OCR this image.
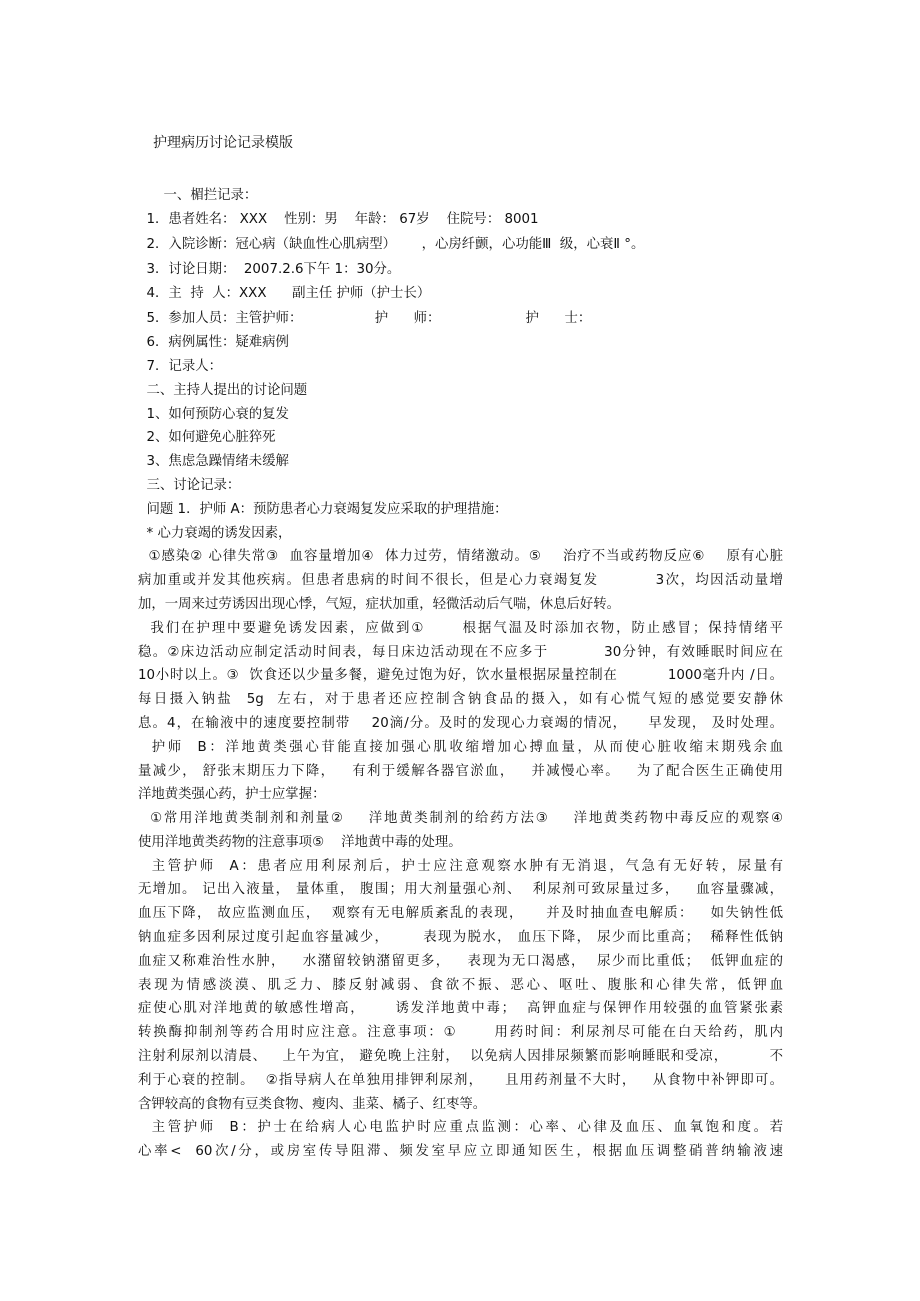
护理病历讨论记录模版
一、楣拦记录：
1．患者姓名： XXX    性别：男    年龄： 67岁    住院号： 8001
2．入院诊断：冠心病（缺血性心肌病型）      ，心房纤颤，心功能Ⅲ  级，心衰Ⅱ °。
3．讨论日期：  2007.2.6下午 1：30分。
4．主  持  人：XXX      副主任 护师（护士长）
5．参加人员：主管护师：                 护      师：                    护      士：
6．病例属性：疑难病例
7．记录人：
二、主持人提出的讨论问题
1、如何预防心衰的复发
2、如何避免心脏猝死
3、焦虑急躁情绪未缓解
三、讨论记录：
问题 1．护师 A：预防患者心力衰竭复发应采取的护理措施：
* 心力衰竭的诱发因素，
①感染② 心律失常③  血容量增加④  体力过劳，情绪激动。⑤    治疗不当或药物反应⑥    原有心脏
病加重或并发其他疾病。但患者患病的时间不很长，但是心力衰竭复发          3次，均因活动量增
加，一周来过劳诱因出现心悸，气短，症状加重，轻微活动后气喘，休息后好转。
我们在护理中要避免诱发因素，应做到①      根据气温及时添加衣物，防止感冒；保持情绪平
稳。②床边活动应制定活动时间表，每日床边活动现在不应多于          30分钟，有效睡眠时间应在
10小时以上。③  饮食还以少量多餐，避免过饱为好，饮水量根据尿量控制在          1000毫升内 /日。
每日摄入钠盐  5g  左右，对于患者还应控制含钠食品的摄入，如有心慌气短的感觉要安静休
息。4，在输液中的速度要控制带    20滴/分。及时的发现心力衰竭的情况，    早发现， 及时处理。
护师  B：洋地黄类强心苷能直接加强心肌收缩增加心搏血量，从而使心脏收缩末期残余血
量减少， 舒张末期压力下降，   有利于缓解各器官淤血，   并减慢心率。   为了配合医生正确使用
洋地黄类强心药，护士应掌握：
①常用洋地黄类制剂和剂量②    洋地黄类制剂的给药方法③    洋地黄类药物中毒反应的观察④
使用洋地黄类药物的注意事项⑤    洋地黄中毒的处理。
主管护师  A：患者应用利尿剂后，护士应注意观察水肿有无消退，气急有无好转，尿量有
无增加。 记出入液量， 量体重， 腹围；用大剂量强心剂、  利尿剂可致尿量过多，   血容量骤减，
血压下降， 故应监测血压，  观察有无电解质紊乱的表现，    并及时抽血查电解质：   如失钠性低
钠血症多因利尿过度引起血容量减少，      表现为脱水， 血压下降， 尿少而比重高；  稀释性低钠
血症又称难治性水肿，   水潴留较钠潴留更多，   表现为无口渴感，  尿少而比重低；  低钾血症的
表现为情感淡漠、肌乏力、膝反射减弱、食欲不振、恶心、呕吐、腹胀和心律失常，低钾血
症使心肌对洋地黄的敏感性增高，     诱发洋地黄中毒；  高钾血症与保钾作用较强的血管紧张素
转换酶抑制剂等药合用时应注意。注意事项：①      用药时间：利尿剂尽可能在白天给药，肌内
注射利尿剂以清晨、   上午为宜， 避免晚上注射，  以免病人因排尿频繁而影响睡眠和受凉，        不
利于心衰的控制。  ②指导病人在单独用排钾利尿剂，    且用药剂量不大时，   从食物中补钾即可。
含钾较高的食物有豆类食物、瘦肉、韭菜、橘子、红枣等。
主管护师  B：护士在给病人心电监护时应重点监测：心率、心律及血压、血氧饱和度。若
心率<  60次/分，或房室传导阻滞、频发室早应立即通知医生，根据血压调整硝普纳输液速
